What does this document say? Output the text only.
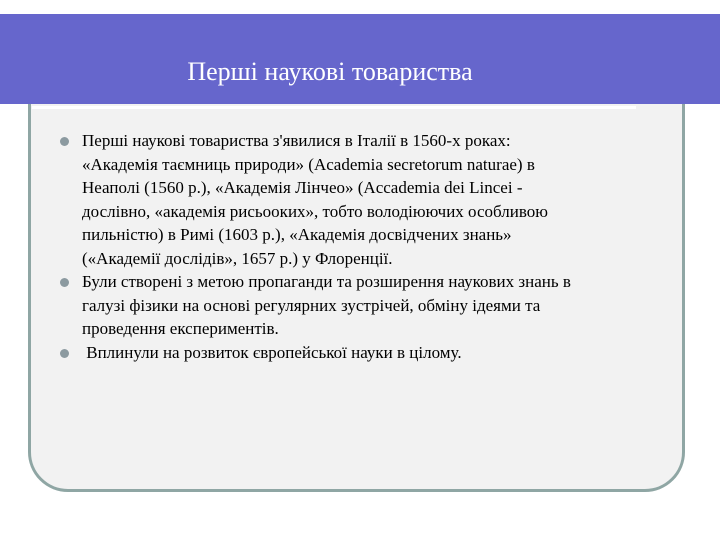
Перші наукові товариства
Перші наукові товариства з'явилися в Італії в 1560-х роках:
«Академія таємниць природи» (Academia secretorum naturae) в
Неаполі (1560 р.), «Академія Лінчео» (Accademia dei Lincei -
дослівно, «академія рисьооких», тобто володіюючих особливою
пильністю) в Римі (1603 р.), «Академія досвідчених знань»
(«Академії дослідів», 1657 р.) у Флоренції.
Були створені з метою пропаганди та розширення наукових знань в
галузі фізики на основі регулярних зустрічей, обміну ідеями та
проведення експериментів.
Вплинули на розвиток європейської науки в цілому.
